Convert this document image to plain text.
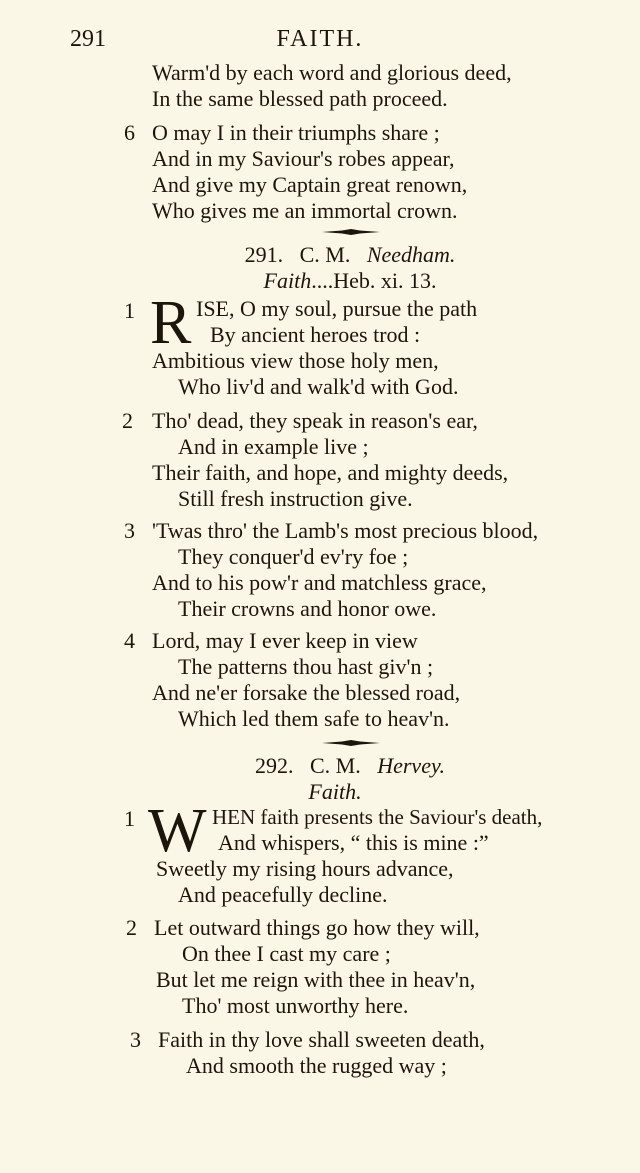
291	FAITH.
Warm'd by each word and glorious deed,
In the same blessed path proceed.
6 O may I in their triumphs share ;
And in my Saviour's robes appear,
And give my Captain great renown,
Who gives me an immortal crown.
291. C. M. Needham.
Faith....Heb. xi. 13.
1 R ISE, O my soul, pursue the path
By ancient heroes trod :
Ambitious view those holy men,
Who liv'd and walk'd with God.
2 Tho' dead, they speak in reason's ear,
And in example live ;
Their faith, and hope, and mighty deeds,
Still fresh instruction give.
3 'Twas thro' the Lamb's most precious blood,
They conquer'd ev'ry foe ;
And to his pow'r and matchless grace,
Their crowns and honor owe.
4 Lord, may I ever keep in view
The patterns thou hast giv'n ;
And ne'er forsake the blessed road,
Which led them safe to heav'n.
292. C. M. Hervey.
Faith.
1 W HEN faith presents the Saviour's death,
And whispers, “ this is mine :”
Sweetly my rising hours advance,
And peacefully decline.
2 Let outward things go how they will,
On thee I cast my care ;
But let me reign with thee in heav'n,
Tho' most unworthy here.
3 Faith in thy love shall sweeten death,
And smooth the rugged way ;
